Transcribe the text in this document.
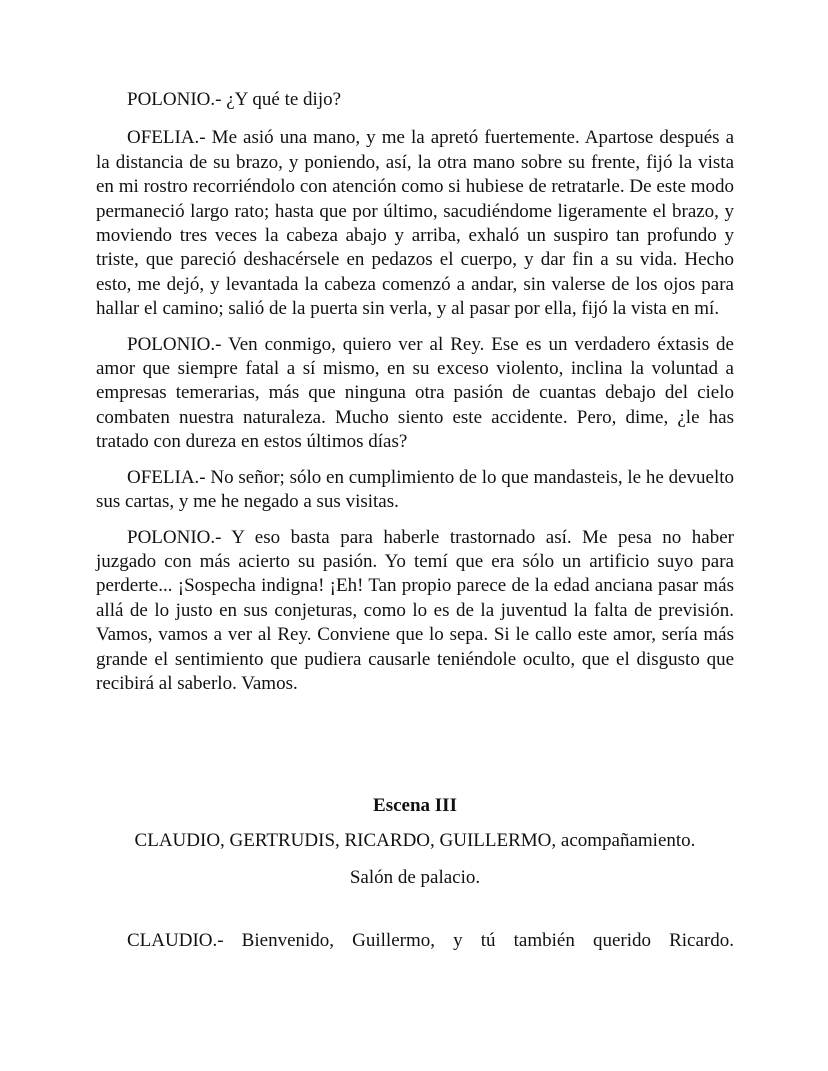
POLONIO.- ¿Y qué te dijo?

OFELIA.- Me asió una mano, y me la apretó fuertemente. Apartose después a la distancia de su brazo, y poniendo, así, la otra mano sobre su frente, fijó la vista en mi rostro recorriéndolo con atención como si hubiese de retratarle. De este modo permaneció largo rato; hasta que por último, sacudiéndome ligeramente el brazo, y moviendo tres veces la cabeza abajo y arriba, exhaló un suspiro tan profundo y triste, que pareció deshacérsele en pedazos el cuerpo, y dar fin a su vida. Hecho esto, me dejó, y levantada la cabeza comenzó a andar, sin valerse de los ojos para hallar el camino; salió de la puerta sin verla, y al pasar por ella, fijó la vista en mí.

POLONIO.- Ven conmigo, quiero ver al Rey. Ese es un verdadero éxtasis de amor que siempre fatal a sí mismo, en su exceso violento, inclina la voluntad a empresas temerarias, más que ninguna otra pasión de cuantas debajo del cielo combaten nuestra naturaleza. Mucho siento este accidente. Pero, dime, ¿le has tratado con dureza en estos últimos días?

OFELIA.- No señor; sólo en cumplimiento de lo que mandasteis, le he devuelto sus cartas, y me he negado a sus visitas.

POLONIO.- Y eso basta para haberle trastornado así. Me pesa no haber juzgado con más acierto su pasión. Yo temí que era sólo un artificio suyo para perderte... ¡Sospecha indigna! ¡Eh! Tan propio parece de la edad anciana pasar más allá de lo justo en sus conjeturas, como lo es de la juventud la falta de previsión. Vamos, vamos a ver al Rey. Conviene que lo sepa. Si le callo este amor, sería más grande el sentimiento que pudiera causarle teniéndole oculto, que el disgusto que recibirá al saberlo. Vamos.

Escena III
CLAUDIO, GERTRUDIS, RICARDO, GUILLERMO, acompañamiento.
Salón de palacio.
CLAUDIO.- Bienvenido, Guillermo, y tú también querido Ricardo.
